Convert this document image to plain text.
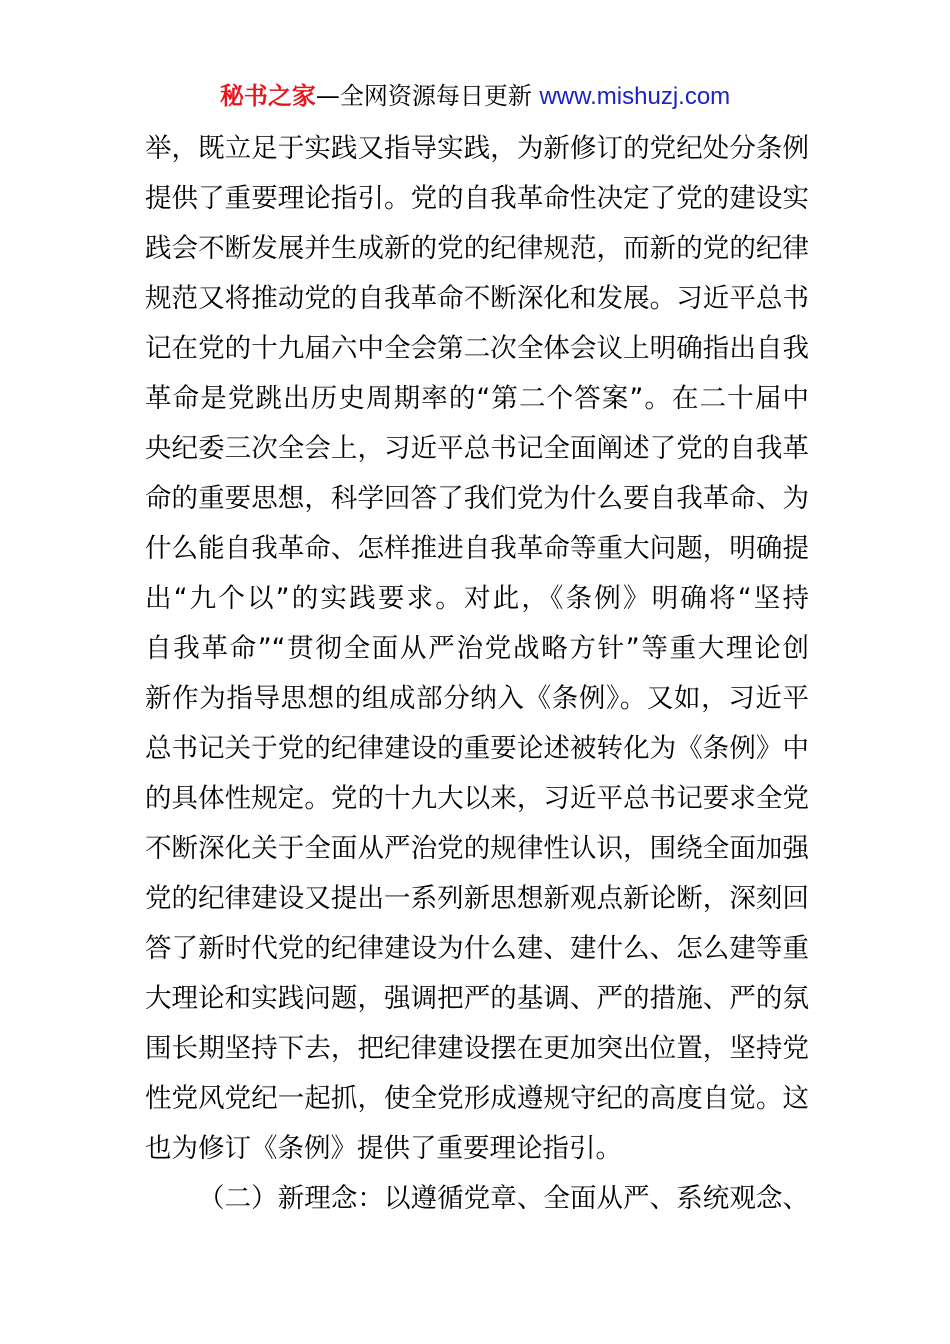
秘书之家—全网资源每日更新 www.mishuzj.com
举，既立足于实践又指导实践，为新修订的党纪处分条例
提供了重要理论指引。党的自我革命性决定了党的建设实
践会不断发展并生成新的党的纪律规范，而新的党的纪律
规范又将推动党的自我革命不断深化和发展。习近平总书
记在党的十九届六中全会第二次全体会议上明确指出自我
革命是党跳出历史周期率的“第二个答案”。在二十届中
央纪委三次全会上，习近平总书记全面阐述了党的自我革
命的重要思想，科学回答了我们党为什么要自我革命、为
什么能自我革命、怎样推进自我革命等重大问题，明确提
出“九个以”的实践要求。对此，《条例》明确将“坚持
自我革命”“贯彻全面从严治党战略方针”等重大理论创
新作为指导思想的组成部分纳入《条例》。又如，习近平
总书记关于党的纪律建设的重要论述被转化为《条例》中
的具体性规定。党的十九大以来，习近平总书记要求全党
不断深化关于全面从严治党的规律性认识，围绕全面加强
党的纪律建设又提出一系列新思想新观点新论断，深刻回
答了新时代党的纪律建设为什么建、建什么、怎么建等重
大理论和实践问题，强调把严的基调、严的措施、严的氛
围长期坚持下去，把纪律建设摆在更加突出位置，坚持党
性党风党纪一起抓，使全党形成遵规守纪的高度自觉。这
也为修订《条例》提供了重要理论指引。
（二）新理念：以遵循党章、全面从严、系统观念、
